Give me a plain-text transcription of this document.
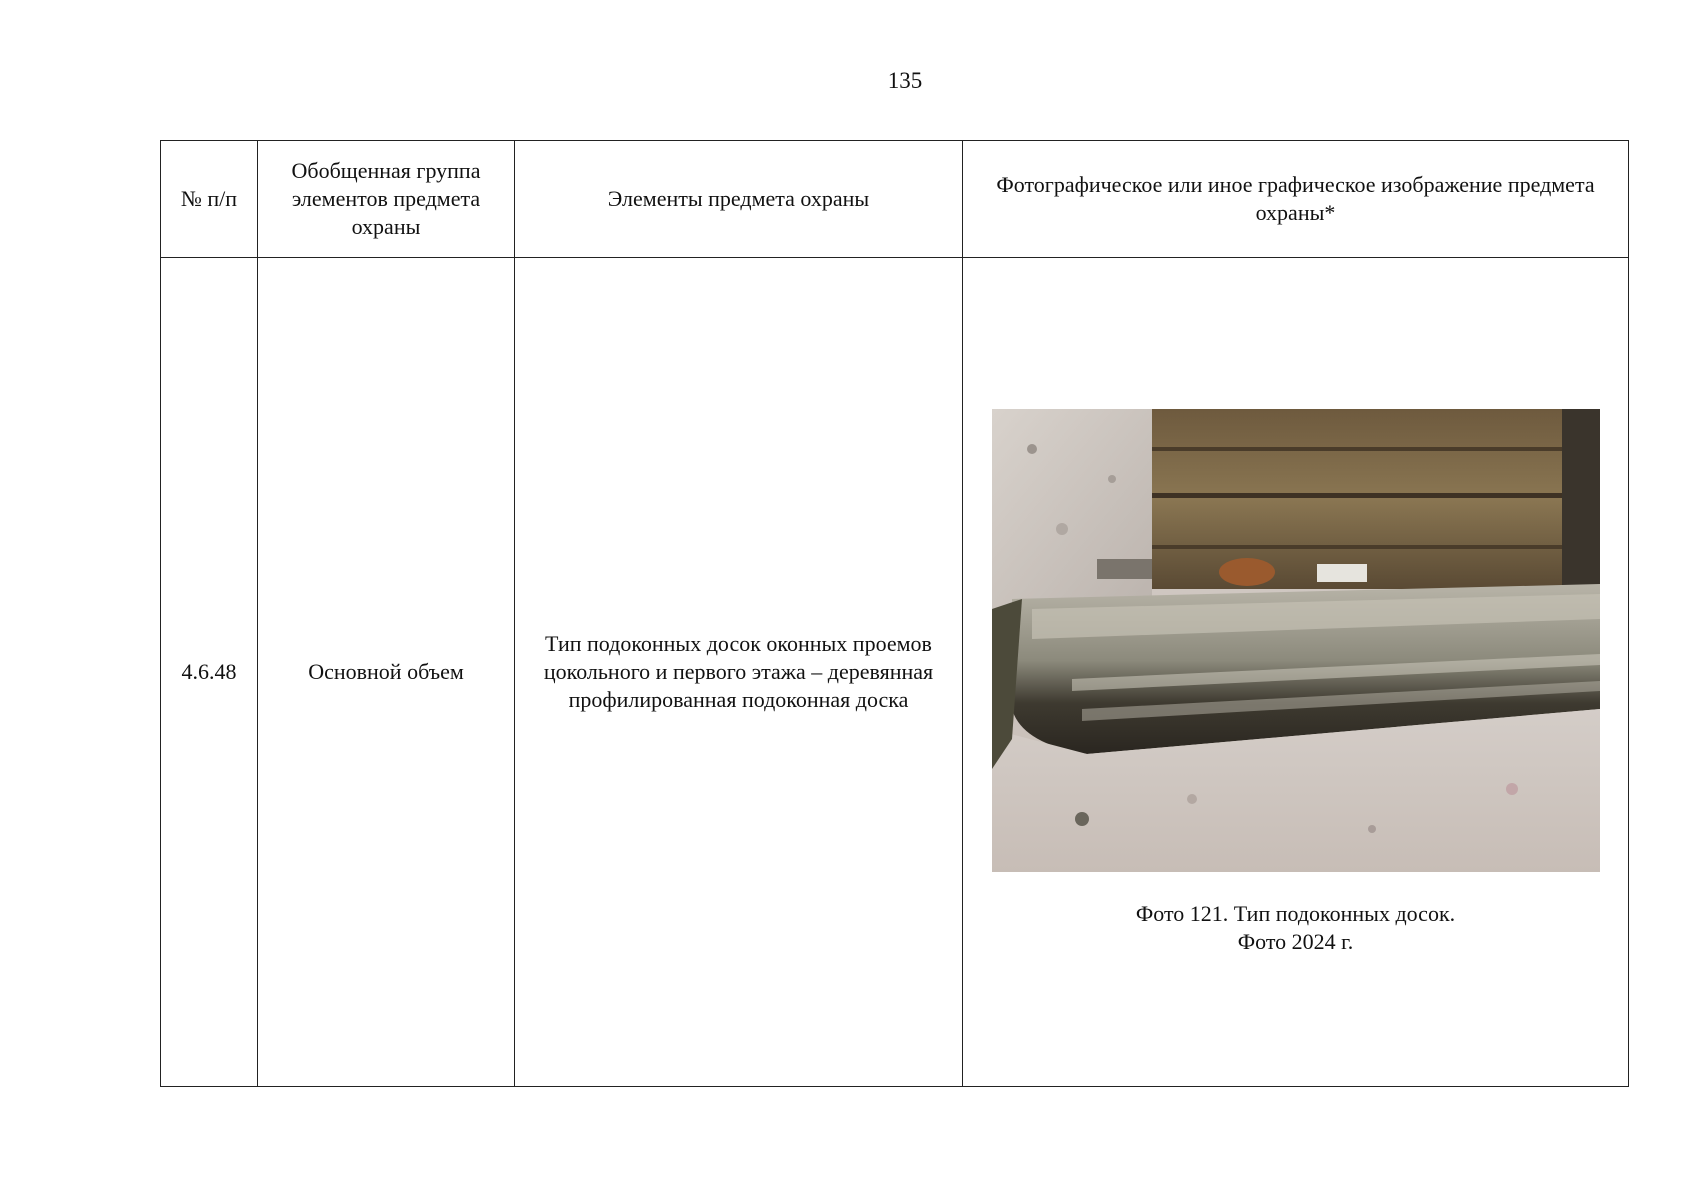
135
№ п/п	Обобщенная группа элементов предмета охраны	Элементы предмета охраны	Фотографическое или иное графическое изображение предмета охраны*
4.6.48	Основной объем	Тип подоконных досок оконных проемов цокольного и первого этажа – деревянная профилированная подоконная доска	Фото 121. Тип подоконных досок.
Фото 2024 г.
